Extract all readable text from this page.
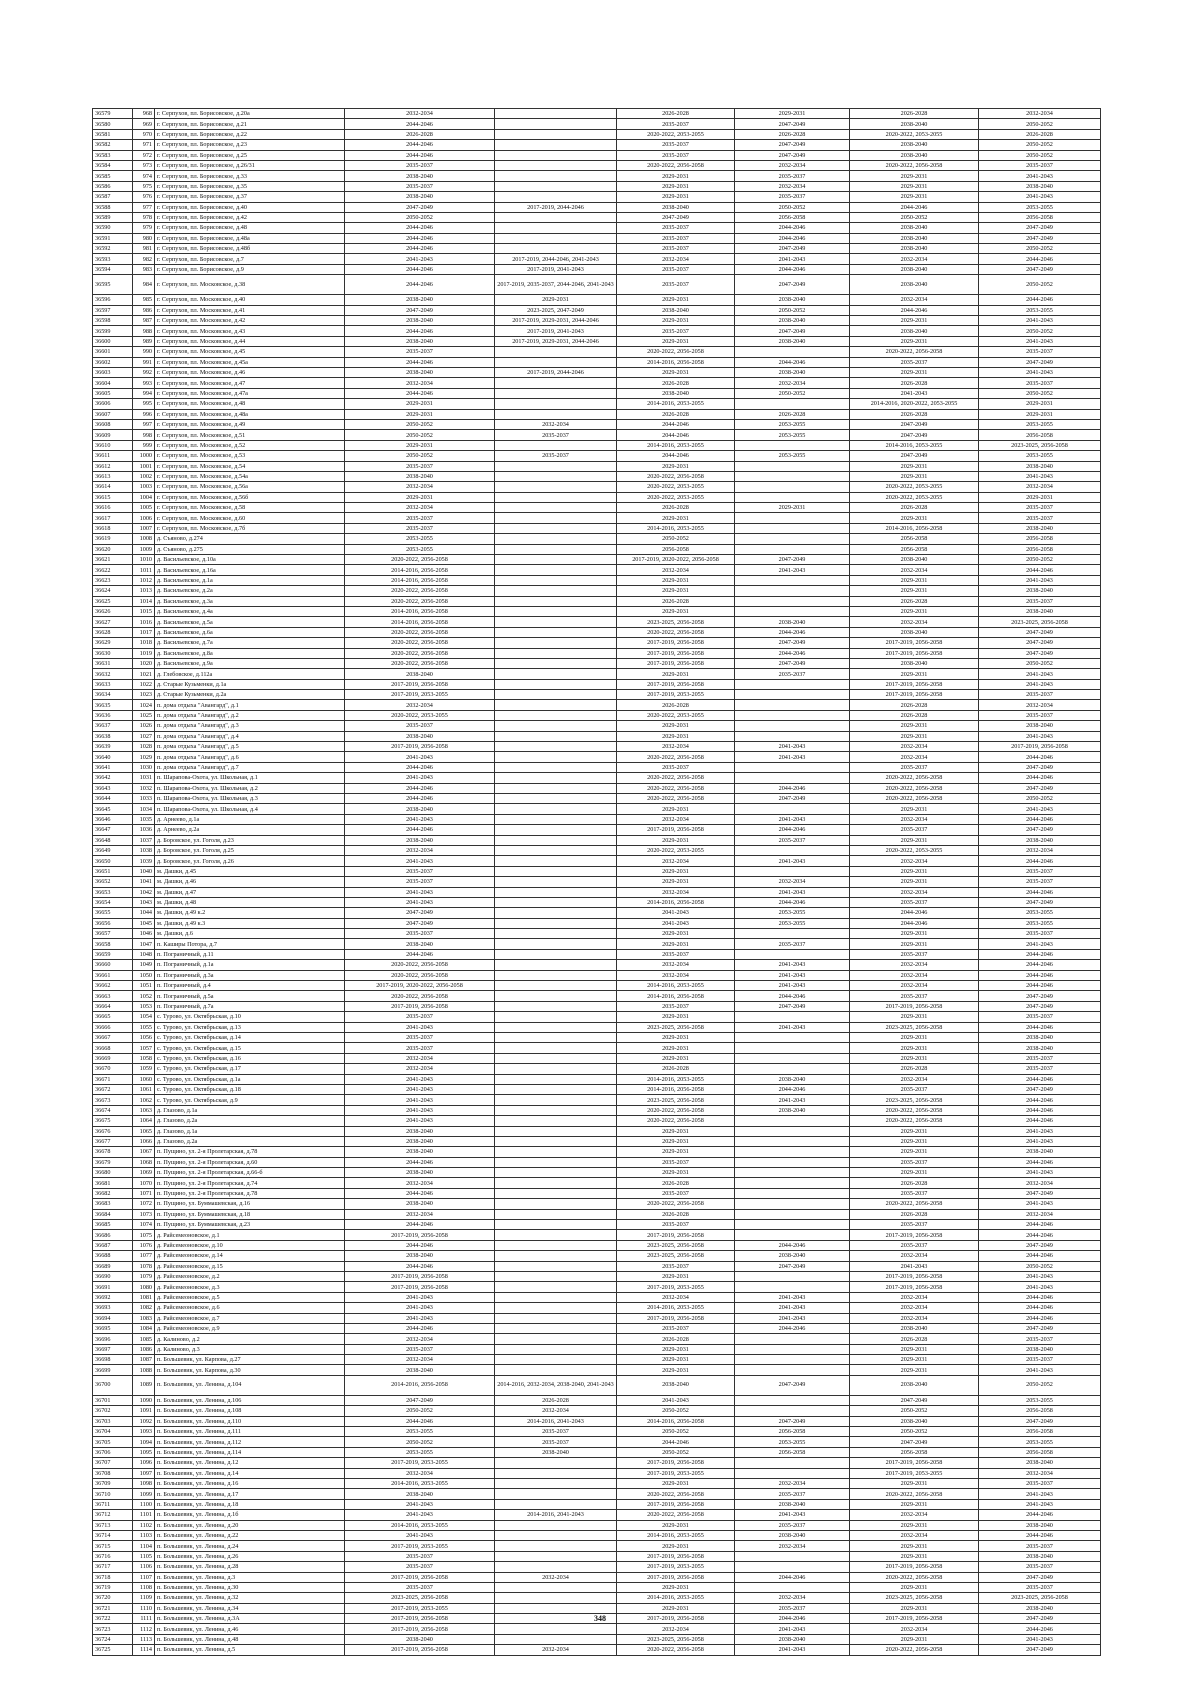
36579	968	г. Серпухов, пл. Борисовское, д.20а	2032-2034		2026-2028	2029-2031	2026-2028	2032-2034
36580	969	г. Серпухов, пл. Борисовское, д.21	2044-2046		2035-2037	2047-2049	2038-2040	2050-2052
36581	970	г. Серпухов, пл. Борисовское, д.22	2026-2028		2020-2022, 2053-2055	2026-2028	2020-2022, 2053-2055	2026-2028
36582	971	г. Серпухов, пл. Борисовское, д.23	2044-2046		2035-2037	2047-2049	2038-2040	2050-2052
36583	972	г. Серпухов, пл. Борисовское, д.25	2044-2046		2035-2037	2047-2049	2038-2040	2050-2052
36584	973	г. Серпухов, пл. Борисовское, д.26/31	2035-2037		2020-2022, 2056-2058	2032-2034	2020-2022, 2056-2058	2035-2037
36585	974	г. Серпухов, пл. Борисовское, д.33	2038-2040		2029-2031	2035-2037	2029-2031	2041-2043
36586	975	г. Серпухов, пл. Борисовское, д.35	2035-2037		2029-2031	2032-2034	2029-2031	2038-2040
36587	976	г. Серпухов, пл. Борисовское, д.37	2038-2040		2029-2031	2035-2037	2029-2031	2041-2043
36588	977	г. Серпухов, пл. Борисовское, д.40	2047-2049	2017-2019, 2044-2046	2038-2040	2050-2052	2044-2046	2053-2055
36589	978	г. Серпухов, пл. Борисовское, д.42	2050-2052		2047-2049	2056-2058	2050-2052	2056-2058
36590	979	г. Серпухов, пл. Борисовское, д.48	2044-2046		2035-2037	2044-2046	2038-2040	2047-2049
36591	980	г. Серпухов, пл. Борисовское, д.48а	2044-2046		2035-2037	2044-2046	2038-2040	2047-2049
36592	981	г. Серпухов, пл. Борисовское, д.48б	2044-2046		2035-2037	2047-2049	2038-2040	2050-2052
36593	982	г. Серпухов, пл. Борисовское, д.7	2041-2043	2017-2019, 2044-2046, 2041-2043	2032-2034	2041-2043	2032-2034	2044-2046
36594	983	г. Серпухов, пл. Борисовское, д.9	2044-2046	2017-2019, 2041-2043	2035-2037	2044-2046	2038-2040	2047-2049
36595	984	г. Серпухов, пл. Московское, д.38	2044-2046	2017-2019, 2035-2037, 2044-2046, 2041-2043	2035-2037	2047-2049	2038-2040	2050-2052
36596	985	г. Серпухов, пл. Московское, д.40	2038-2040	2029-2031	2029-2031	2038-2040	2032-2034	2044-2046
36597	986	г. Серпухов, пл. Московское, д.41	2047-2049	2023-2025, 2047-2049	2038-2040	2050-2052	2044-2046	2053-2055
36598	987	г. Серпухов, пл. Московское, д.42	2038-2040	2017-2019, 2029-2031, 2044-2046	2029-2031	2038-2040	2029-2031	2041-2043
36599	988	г. Серпухов, пл. Московское, д.43	2044-2046	2017-2019, 2041-2043	2035-2037	2047-2049	2038-2040	2050-2052
36600	989	г. Серпухов, пл. Московское, д.44	2038-2040	2017-2019, 2029-2031, 2044-2046	2029-2031	2038-2040	2029-2031	2041-2043
36601	990	г. Серпухов, пл. Московское, д.45	2035-2037		2020-2022, 2056-2058		2020-2022, 2056-2058	2035-2037
36602	991	г. Серпухов, пл. Московское, д.45а	2044-2046		2014-2016, 2056-2058	2044-2046	2035-2037	2047-2049
36603	992	г. Серпухов, пл. Московское, д.46	2038-2040	2017-2019, 2044-2046	2029-2031	2038-2040	2029-2031	2041-2043
36604	993	г. Серпухов, пл. Московское, д.47	2032-2034		2026-2028	2032-2034	2026-2028	2035-2037
36605	994	г. Серпухов, пл. Московское, д.47а	2044-2046		2038-2040	2050-2052	2041-2043	2050-2052
36606	995	г. Серпухов, пл. Московское, д.48	2029-2031		2014-2016, 2053-2055		2014-2016, 2020-2022, 2053-2055	2029-2031
36607	996	г. Серпухов, пл. Московское, д.48а	2029-2031		2026-2028	2026-2028	2026-2028	2029-2031
36608	997	г. Серпухов, пл. Московское, д.49	2050-2052	2032-2034	2044-2046	2053-2055	2047-2049	2053-2055
36609	998	г. Серпухов, пл. Московское, д.51	2050-2052	2035-2037	2044-2046	2053-2055	2047-2049	2056-2058
36610	999	г. Серпухов, пл. Московское, д.52	2029-2031		2014-2016, 2053-2055		2014-2016, 2053-2055	2023-2025, 2056-2058
36611	1000	г. Серпухов, пл. Московское, д.53	2050-2052	2035-2037	2044-2046	2053-2055	2047-2049	2053-2055
36612	1001	г. Серпухов, пл. Московское, д.54	2035-2037		2029-2031		2029-2031	2038-2040
36613	1002	г. Серпухов, пл. Московское, д.54а	2038-2040		2020-2022, 2056-2058		2029-2031	2041-2043
36614	1003	г. Серпухов, пл. Московское, д.56а	2032-2034		2020-2022, 2053-2055		2020-2022, 2053-2055	2032-2034
36615	1004	г. Серпухов, пл. Московское, д.56б	2029-2031		2020-2022, 2053-2055		2020-2022, 2053-2055	2029-2031
36616	1005	г. Серпухов, пл. Московское, д.58	2032-2034		2026-2028	2029-2031	2026-2028	2035-2037
36617	1006	г. Серпухов, пл. Московское, д.60	2035-2037		2029-2031		2029-2031	2035-2037
36618	1007	г. Серпухов, пл. Московское, д.7б	2035-2037		2014-2016, 2053-2055		2014-2016, 2056-2058	2038-2040
36619	1008	д. Съяново, д.274	2053-2055		2050-2052		2056-2058	2056-2058
36620	1009	д. Съяново, д.275	2053-2055		2056-2058		2056-2058	2056-2058
36621	1010	д. Васильевское, д.10а	2020-2022, 2056-2058		2017-2019, 2020-2022, 2056-2058	2047-2049	2038-2040	2050-2052
36622	1011	д. Васильевское, д.16а	2014-2016, 2056-2058		2032-2034	2041-2043	2032-2034	2044-2046
36623	1012	д. Васильевское, д.1а	2014-2016, 2056-2058		2029-2031		2029-2031	2041-2043
36624	1013	д. Васильевское, д.2а	2020-2022, 2056-2058		2029-2031		2029-2031	2038-2040
36625	1014	д. Васильевское, д.3а	2020-2022, 2056-2058		2026-2028		2026-2028	2035-2037
36626	1015	д. Васильевское, д.4а	2014-2016, 2056-2058		2029-2031		2029-2031	2038-2040
36627	1016	д. Васильевское, д.5а	2014-2016, 2056-2058		2023-2025, 2056-2058	2038-2040	2032-2034	2023-2025, 2056-2058
36628	1017	д. Васильевское, д.6а	2020-2022, 2056-2058		2020-2022, 2056-2058	2044-2046	2038-2040	2047-2049
36629	1018	д. Васильевское, д.7а	2020-2022, 2056-2058		2017-2019, 2056-2058	2047-2049	2017-2019, 2056-2058	2047-2049
36630	1019	д. Васильевское, д.8а	2020-2022, 2056-2058		2017-2019, 2056-2058	2044-2046	2017-2019, 2056-2058	2047-2049
36631	1020	д. Васильевское, д.9а	2020-2022, 2056-2058		2017-2019, 2056-2058	2047-2049	2038-2040	2050-2052
36632	1021	д. Глебовское, д.112а	2038-2040		2029-2031	2035-2037	2029-2031	2041-2043
36633	1022	д. Старые Кузьменки, д.1а	2017-2019, 2056-2058		2017-2019, 2056-2058		2017-2019, 2056-2058	2041-2043
36634	1023	д. Старые Кузьменки, д.2а	2017-2019, 2053-2055		2017-2019, 2053-2055		2017-2019, 2056-2058	2035-2037
36635	1024	п. дома отдыха "Авангард", д.1	2032-2034		2026-2028		2026-2028	2032-2034
36636	1025	п. дома отдыха "Авангард", д.2	2020-2022, 2053-2055		2020-2022, 2053-2055		2026-2028	2035-2037
36637	1026	п. дома отдыха "Авангард", д.3	2035-2037		2029-2031		2029-2031	2038-2040
36638	1027	п. дома отдыха "Авангард", д.4	2038-2040		2029-2031		2029-2031	2041-2043
36639	1028	п. дома отдыха "Авангард", д.5	2017-2019, 2056-2058		2032-2034	2041-2043	2032-2034	2017-2019, 2056-2058
36640	1029	п. дома отдыха "Авангард", д.6	2041-2043		2020-2022, 2056-2058	2041-2043	2032-2034	2044-2046
36641	1030	п. дома отдыха "Авангард", д.7	2044-2046		2035-2037		2035-2037	2047-2049
36642	1031	п. Шарапова-Охота, ул. Школьная, д.1	2041-2043		2020-2022, 2056-2058		2020-2022, 2056-2058	2044-2046
36643	1032	п. Шарапова-Охота, ул. Школьная, д.2	2044-2046		2020-2022, 2056-2058	2044-2046	2020-2022, 2056-2058	2047-2049
36644	1033	п. Шарапова-Охота, ул. Школьная, д.3	2044-2046		2020-2022, 2056-2058	2047-2049	2020-2022, 2056-2058	2050-2052
36645	1034	п. Шарапова-Охота, ул. Школьная, д.4	2038-2040		2029-2031		2029-2031	2041-2043
36646	1035	д. Арнеево, д.1а	2041-2043		2032-2034	2041-2043	2032-2034	2044-2046
36647	1036	д. Арнеево, д.2а	2044-2046		2017-2019, 2056-2058	2044-2046	2035-2037	2047-2049
36648	1037	д. Боровское, ул. Гоголя, д.23	2038-2040		2029-2031	2035-2037	2029-2031	2038-2040
36649	1038	д. Боровское, ул. Гоголя, д.25	2032-2034		2020-2022, 2053-2055		2020-2022, 2053-2055	2032-2034
36650	1039	д. Боровское, ул. Гоголя, д.26	2041-2043		2032-2034	2041-2043	2032-2034	2044-2046
36651	1040	м. Дашки, д.45	2035-2037		2029-2031		2029-2031	2035-2037
36652	1041	м. Дашки, д.46	2035-2037		2029-2031	2032-2034	2029-2031	2035-2037
36653	1042	м. Дашки, д.47	2041-2043		2032-2034	2041-2043	2032-2034	2044-2046
36654	1043	м. Дашки, д.48	2041-2043		2014-2016, 2056-2058	2044-2046	2035-2037	2047-2049
36655	1044	м. Дашки, д.49 к.2	2047-2049		2041-2043	2053-2055	2044-2046	2053-2055
36656	1045	м. Дашки, д.49 к.3	2047-2049		2041-2043	2053-2055	2044-2046	2053-2055
36657	1046	м. Дашки, д.6	2035-2037		2029-2031		2029-2031	2035-2037
36658	1047	п. Каширы Потора, д.7	2038-2040		2029-2031	2035-2037	2029-2031	2041-2043
36659	1048	п. Пограничный, д.11	2044-2046		2035-2037		2035-2037	2044-2046
36660	1049	п. Пограничный, д.1а	2020-2022, 2056-2058		2032-2034	2041-2043	2032-2034	2044-2046
36661	1050	п. Пограничный, д.3а	2020-2022, 2056-2058		2032-2034	2041-2043	2032-2034	2044-2046
36662	1051	п. Пограничный, д.4	2017-2019, 2020-2022, 2056-2058		2014-2016, 2053-2055	2041-2043	2032-2034	2044-2046
36663	1052	п. Пограничный, д.5а	2020-2022, 2056-2058		2014-2016, 2056-2058	2044-2046	2035-2037	2047-2049
36664	1053	п. Пограничный, д.7а	2017-2019, 2056-2058		2035-2037	2047-2049	2017-2019, 2056-2058	2047-2049
36665	1054	с. Турово, ул. Октябрьская, д.10	2035-2037		2029-2031		2029-2031	2035-2037
36666	1055	с. Турово, ул. Октябрьская, д.13	2041-2043		2023-2025, 2056-2058	2041-2043	2023-2025, 2056-2058	2044-2046
36667	1056	с. Турово, ул. Октябрьская, д.14	2035-2037		2029-2031		2029-2031	2038-2040
36668	1057	с. Турово, ул. Октябрьская, д.15	2035-2037		2029-2031		2029-2031	2038-2040
36669	1058	с. Турово, ул. Октябрьская, д.16	2032-2034		2029-2031		2029-2031	2035-2037
36670	1059	с. Турово, ул. Октябрьская, д.17	2032-2034		2026-2028		2026-2028	2035-2037
36671	1060	с. Турово, ул. Октябрьская, д.1а	2041-2043		2014-2016, 2053-2055	2038-2040	2032-2034	2044-2046
36672	1061	с. Турово, ул. Октябрьская, д.18	2041-2043		2014-2016, 2056-2058	2044-2046	2035-2037	2047-2049
36673	1062	с. Турово, ул. Октябрьская, д.9	2041-2043		2023-2025, 2056-2058	2041-2043	2023-2025, 2056-2058	2044-2046
36674	1063	д. Глазово, д.1а	2041-2043		2020-2022, 2056-2058	2038-2040	2020-2022, 2056-2058	2044-2046
36675	1064	д. Глазово, д.2а	2041-2043		2020-2022, 2056-2058		2020-2022, 2056-2058	2044-2046
36676	1065	д. Глазово, д.1а	2038-2040		2029-2031		2029-2031	2041-2043
36677	1066	д. Глазово, д.2а	2038-2040		2029-2031		2029-2031	2041-2043
36678	1067	п. Пущино, ул. 2-я Пролетарская, д.78	2038-2040		2029-2031		2029-2031	2038-2040
36679	1068	п. Пущино, ул. 2-я Пролетарская, д.60	2044-2046		2035-2037		2035-2037	2044-2046
36680	1069	п. Пущино, ул. 2-я Пролетарская, д.66-б	2038-2040		2029-2031		2029-2031	2041-2043
36681	1070	п. Пущино, ул. 2-я Пролетарская, д.74	2032-2034		2026-2028		2026-2028	2032-2034
36682	1071	п. Пущино, ул. 2-я Пролетарская, д.78	2044-2046		2035-2037		2035-2037	2047-2049
36683	1072	п. Пущино, ул. Буммашевская, д.16	2038-2040		2020-2022, 2056-2058		2020-2022, 2056-2058	2041-2043
36684	1073	п. Пущино, ул. Буммашевская, д.18	2032-2034		2026-2028		2026-2028	2032-2034
36685	1074	п. Пущино, ул. Буммашевская, д.23	2044-2046		2035-2037		2035-2037	2044-2046
36686	1075	д. Райсемеоновское, д.1	2017-2019, 2056-2058		2017-2019, 2056-2058		2017-2019, 2056-2058	2044-2046
36687	1076	д. Райсемеоновское, д.10	2044-2046		2023-2025, 2056-2058	2044-2046	2035-2037	2047-2049
36688	1077	д. Райсемеоновское, д.14	2038-2040		2023-2025, 2056-2058	2038-2040	2032-2034	2044-2046
36689	1078	д. Райсемеоновское, д.15	2044-2046		2035-2037	2047-2049	2041-2043	2050-2052
36690	1079	д. Райсемеоновское, д.2	2017-2019, 2056-2058		2029-2031		2017-2019, 2056-2058	2041-2043
36691	1080	д. Райсемеоновское, д.3	2017-2019, 2056-2058		2017-2019, 2053-2055		2017-2019, 2056-2058	2041-2043
36692	1081	д. Райсемеоновское, д.5	2041-2043		2032-2034	2041-2043	2032-2034	2044-2046
36693	1082	д. Райсемеоновское, д.6	2041-2043		2014-2016, 2053-2055	2041-2043	2032-2034	2044-2046
36694	1083	д. Райсемеоновское, д.7	2041-2043		2017-2019, 2056-2058	2041-2043	2032-2034	2044-2046
36695	1084	д. Райсемеоновское, д.9	2044-2046		2035-2037	2044-2046	2038-2040	2047-2049
36696	1085	д. Калиново, д.2	2032-2034		2026-2028		2026-2028	2035-2037
36697	1086	д. Калиново, д.3	2035-2037		2029-2031		2029-2031	2038-2040
36698	1087	п. Большевик, ул. Карпова, д.27	2032-2034		2029-2031		2029-2031	2035-2037
36699	1088	п. Большевик, ул. Карпова, д.30	2038-2040		2029-2031		2029-2031	2041-2043
36700	1089	п. Большевик, ул. Ленина, д.104	2014-2016, 2056-2058	2014-2016, 2032-2034, 2038-2040, 2041-2043	2038-2040	2047-2049	2038-2040	2050-2052
36701	1090	п. Большевик, ул. Ленина, д.106	2047-2049	2026-2028	2041-2043		2047-2049	2053-2055
36702	1091	п. Большевик, ул. Ленина, д.108	2050-2052	2032-2034	2050-2052		2050-2052	2056-2058
36703	1092	п. Большевик, ул. Ленина, д.110	2044-2046	2014-2016, 2041-2043	2014-2016, 2056-2058	2047-2049	2038-2040	2047-2049
36704	1093	п. Большевик, ул. Ленина, д.111	2053-2055	2035-2037	2050-2052	2056-2058	2050-2052	2056-2058
36705	1094	п. Большевик, ул. Ленина, д.112	2050-2052	2035-2037	2044-2046	2053-2055	2047-2049	2053-2055
36706	1095	п. Большевик, ул. Ленина, д.114	2053-2055	2038-2040	2050-2052	2056-2058	2056-2058	2056-2058
36707	1096	п. Большевик, ул. Ленина, д.12	2017-2019, 2053-2055		2017-2019, 2056-2058		2017-2019, 2056-2058	2038-2040
36708	1097	п. Большевик, ул. Ленина, д.14	2032-2034		2017-2019, 2053-2055		2017-2019, 2053-2055	2032-2034
36709	1098	п. Большевик, ул. Ленина, д.16	2014-2016, 2053-2055		2029-2031	2032-2034	2029-2031	2035-2037
36710	1099	п. Большевик, ул. Ленина, д.17	2038-2040		2020-2022, 2056-2058	2035-2037	2020-2022, 2056-2058	2041-2043
36711	1100	п. Большевик, ул. Ленина, д.18	2041-2043		2017-2019, 2056-2058	2038-2040	2029-2031	2041-2043
36712	1101	п. Большевик, ул. Ленина, д.1б	2041-2043	2014-2016, 2041-2043	2020-2022, 2056-2058	2041-2043	2032-2034	2044-2046
36713	1102	п. Большевик, ул. Ленина, д.20	2014-2016, 2053-2055		2029-2031	2035-2037	2029-2031	2038-2040
36714	1103	п. Большевик, ул. Ленина, д.22	2041-2043		2014-2016, 2053-2055	2038-2040	2032-2034	2044-2046
36715	1104	п. Большевик, ул. Ленина, д.24	2017-2019, 2053-2055		2029-2031	2032-2034	2029-2031	2035-2037
36716	1105	п. Большевик, ул. Ленина, д.26	2035-2037		2017-2019, 2056-2058		2029-2031	2038-2040
36717	1106	п. Большевик, ул. Ленина, д.28	2035-2037		2017-2019, 2053-2055		2017-2019, 2056-2058	2035-2037
36718	1107	п. Большевик, ул. Ленина, д.3	2017-2019, 2056-2058	2032-2034	2017-2019, 2056-2058	2044-2046	2020-2022, 2056-2058	2047-2049
36719	1108	п. Большевик, ул. Ленина, д.30	2035-2037		2029-2031		2029-2031	2035-2037
36720	1109	п. Большевик, ул. Ленина, д.32	2023-2025, 2056-2058		2014-2016, 2053-2055	2032-2034	2023-2025, 2056-2058	2023-2025, 2056-2058
36721	1110	п. Большевик, ул. Ленина, д.34	2017-2019, 2053-2055		2029-2031	2035-2037	2029-2031	2038-2040
36722	1111	п. Большевик, ул. Ленина, д.3А	2017-2019, 2056-2058		2017-2019, 2056-2058	2044-2046	2017-2019, 2056-2058	2047-2049
36723	1112	п. Большевик, ул. Ленина, д.46	2017-2019, 2056-2058		2032-2034	2041-2043	2032-2034	2044-2046
36724	1113	п. Большевик, ул. Ленина, д.48	2038-2040		2023-2025, 2056-2058	2038-2040	2029-2031	2041-2043
36725	1114	п. Большевик, ул. Ленина, д.5	2017-2019, 2056-2058	2032-2034	2020-2022, 2056-2058	2041-2043	2020-2022, 2056-2058	2047-2049
348
